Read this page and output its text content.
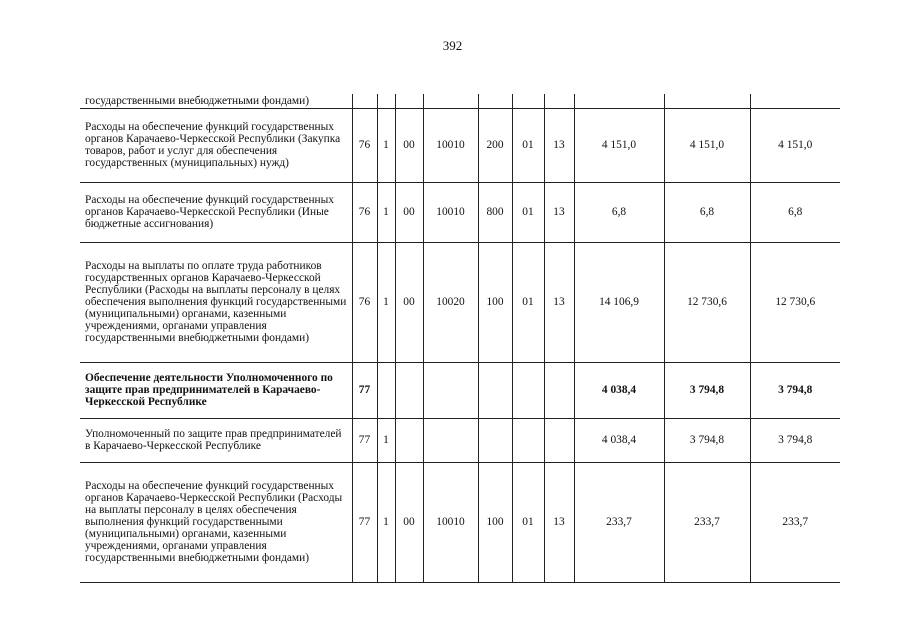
392
государственными внебюджетными фондами)										
Расходы на обеспечение функций государственных органов Карачаево-Черкесской Республики (Закупка товаров, работ и услуг для обеспечения государственных (муниципальных) нужд)	76	1	00	10010	200	01	13	4 151,0	4 151,0	4 151,0
Расходы на обеспечение функций государственных органов Карачаево-Черкесской Республики (Иные бюджетные ассигнования)	76	1	00	10010	800	01	13	6,8	6,8	6,8
Расходы на выплаты по оплате труда работников государственных органов Карачаево-Черкесской Республики (Расходы на выплаты персоналу в целях обеспечения выполнения функций государственными (муниципальными) органами, казенными учреждениями, органами управления государственными внебюджетными фондами)	76	1	00	10020	100	01	13	14 106,9	12 730,6	12 730,6
Обеспечение деятельности Уполномоченного по защите прав предпринимателей в Карачаево-Черкесской Республике	77							4 038,4	3 794,8	3 794,8
Уполномоченный по защите прав предпринимателей в Карачаево-Черкесской Республике	77	1						4 038,4	3 794,8	3 794,8
Расходы на обеспечение функций государственных органов Карачаево-Черкесской Республики (Расходы на выплаты персоналу в целях обеспечения выполнения функций государственными (муниципальными) органами, казенными учреждениями, органами управления государственными внебюджетными фондами)	77	1	00	10010	100	01	13	233,7	233,7	233,7
